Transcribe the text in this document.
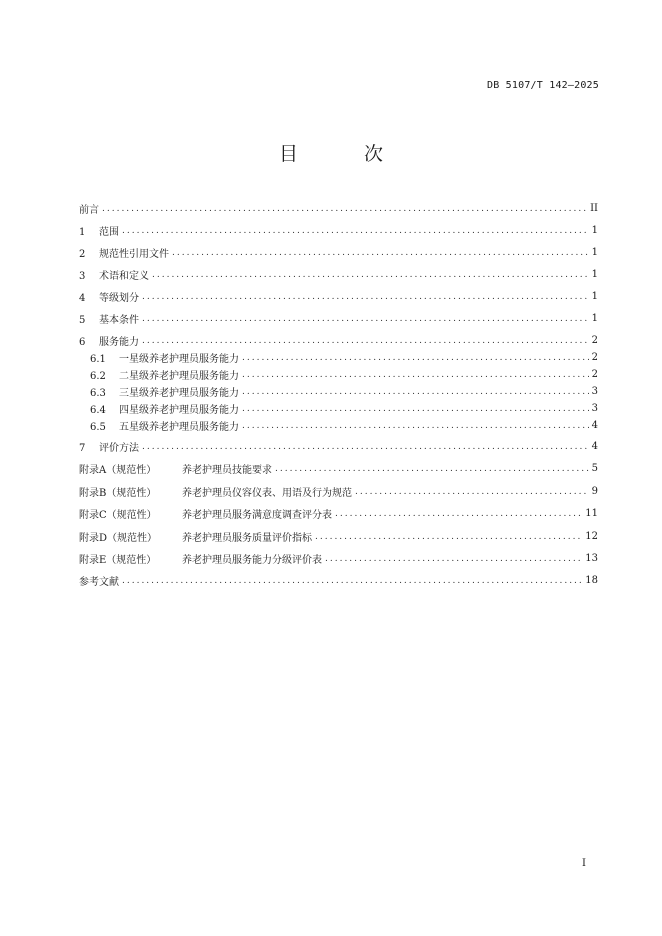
DB 5107/T 142—2025
目 次
前言 .....	II
1 范围 .....	1
2 规范性引用文件 .....	1
3 术语和定义 .....	1
4 等级划分 .....	1
5 基本条件 .....	1
6 服务能力 .....	2
6.1 一星级养老护理员服务能力 .....	2
6.2 二星级养老护理员服务能力 .....	2
6.3 三星级养老护理员服务能力 .....	3
6.4 四星级养老护理员服务能力 .....	3
6.5 五星级养老护理员服务能力 .....	4
7 评价方法 .....	4
附录A（规范性）	养老护理员技能要求 .....	5
附录B（规范性）	养老护理员仪容仪表、用语及行为规范 .....	9
附录C（规范性）	养老护理员服务满意度调查评分表 .....	11
附录D（规范性） 养老护理员服务质量评价指标 .....	12
附录E（规范性）	养老护理员服务能力分级评价表 .....	13
参考文献 .....	18
I
